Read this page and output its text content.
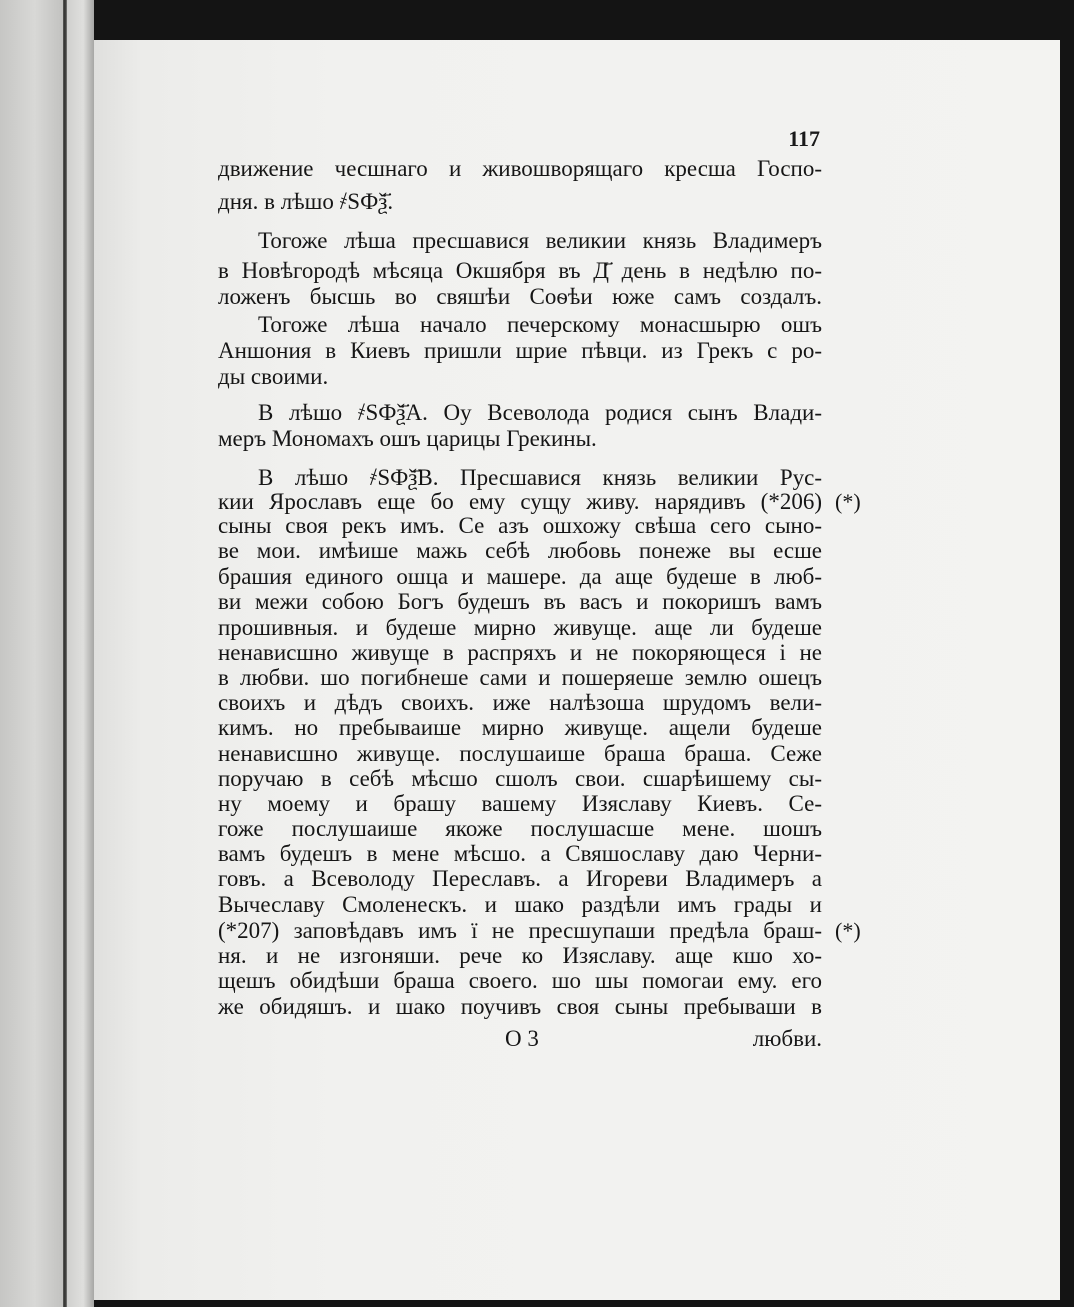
117
движение чесшнаго и живошворящаго кресша Госпо-
дня. в лѣшо ҂ЅФѯ҃.
Тогоже лѣша пресшавися великии князь Владимеръ
в Новѣгородѣ мѣсяца Окшября въ Д҃ день в недѣлю по-
ложенъ бысшь во свяшѣи Соѳѣи юже самъ создалъ.
Тогоже лѣша начало печерскому монасшырю ошъ
Аншония в Киевъ пришли шрие пѣвци. из Грекъ с ро-
ды своими.
В лѣшо ҂ЅФѯ҃А. Оу Всеволода родися сынъ Влади-
меръ Мономахъ ошъ царицы Грекины.
В лѣшо ҂ЅФѯ҃В. Пресшавися князь великии Рус-
кии Ярославъ еще бо ему сущу живу. нарядивъ (*206)
сыны своя рекъ имъ. Се азъ ошхожу свѣша сего сыно-
ве мои. имѣише мажь себѣ любовь понеже вы есше
брашия единого ошца и машере. да аще будеше в люб-
ви межи собою Богъ будешъ въ васъ и покоришъ вамъ
прошивныя. и будеше мирно живуще. аще ли будеше
ненависшно живуще в распряхъ и не покоряющеся і не
в любви. шо погибнеше сами и пошеряеше землю ошецъ
своихъ и дѣдъ своихъ. иже налѣзоша шрудомъ вели-
кимъ. но пребываише мирно живуще. ащели будеше
ненависшно живуще. послушаише браша браша. Сеже
поручаю в себѣ мѣсшо сшолъ свои. сшарѣишему сы-
ну моему и брашу вашему Изяславу Киевъ. Се-
гоже послушаише якоже послушасше мене. шошъ
вамъ будешъ в мене мѣсшо. а Свяшославу даю Черни-
говъ. а Всеволоду Переславъ. а Игореви Владимеръ а
Вычеславу Смоленескъ. и шако раздѣли имъ грады и
(*207) заповѣдавъ имъ ї не пресшупаши предѣла браш-
ня. и не изгоняши. рече ко Изяславу. аще кшо хо-
щешъ обидѣши браша своего. шо шы помогаи ему. его
же обидяшъ. и шако поучивъ своя сыны пребываши в
(*)
(*)
О 3	любви.
